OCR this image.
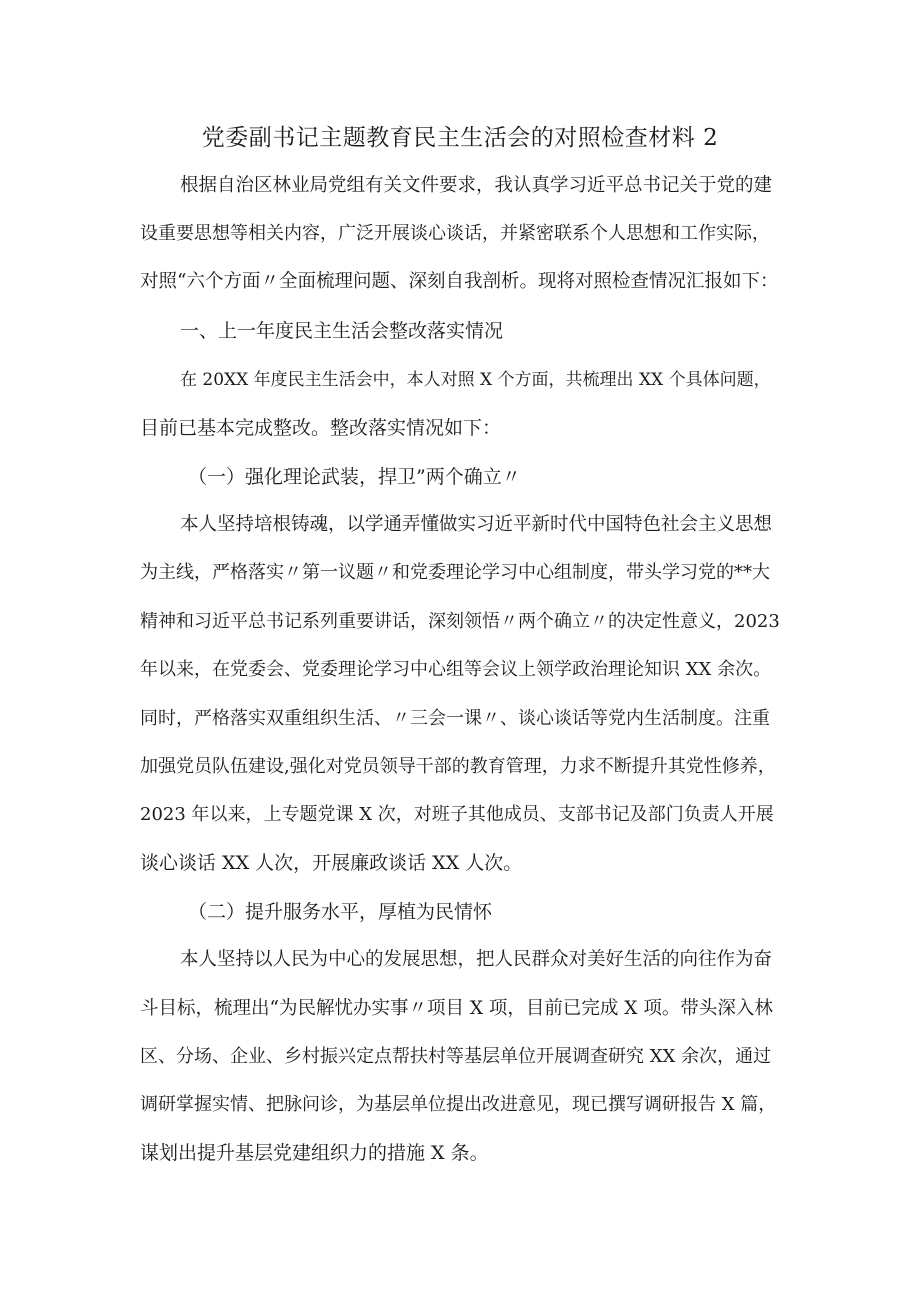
党委副书记主题教育民主生活会的对照检查材料 2
根据自治区林业局党组有关文件要求，我认真学习近平总书记关于党的建
设重要思想等相关内容，广泛开展谈心谈话，并紧密联系个人思想和工作实际，
对照“六个方面〃全面梳理问题、深刻自我剖析。现将对照检查情况汇报如下：
一、上一年度民主生活会整改落实情况
在 20XX 年度民主生活会中，本人对照 X 个方面，共梳理出 XX 个具体问题，
目前已基本完成整改。整改落实情况如下：
（一）强化理论武装，捍卫”两个确立〃
本人坚持培根铸魂，以学通弄懂做实习近平新时代中国特色社会主义思想
为主线，严格落实〃第一议题〃和党委理论学习中心组制度，带头学习党的**大
精神和习近平总书记系列重要讲话，深刻领悟〃两个确立〃的决定性意义，2023
年以来，在党委会、党委理论学习中心组等会议上领学政治理论知识 XX 余次。
同时，严格落实双重组织生活、〃三会一课〃、谈心谈话等党内生活制度。注重
加强党员队伍建设,强化对党员领导干部的教育管理，力求不断提升其党性修养，
2023 年以来，上专题党课 X 次，对班子其他成员、支部书记及部门负责人开展
谈心谈话 XX 人次，开展廉政谈话 XX 人次。
（二）提升服务水平，厚植为民情怀
本人坚持以人民为中心的发展思想，把人民群众对美好生活的向往作为奋
斗目标，梳理出“为民解忧办实事〃项目 X 项，目前已完成 X 项。带头深入林
区、分场、企业、乡村振兴定点帮扶村等基层单位开展调查研究 XX 余次，通过
调研掌握实情、把脉问诊，为基层单位提出改进意见，现已撰写调研报告 X 篇，
谋划出提升基层党建组织力的措施 X 条。
